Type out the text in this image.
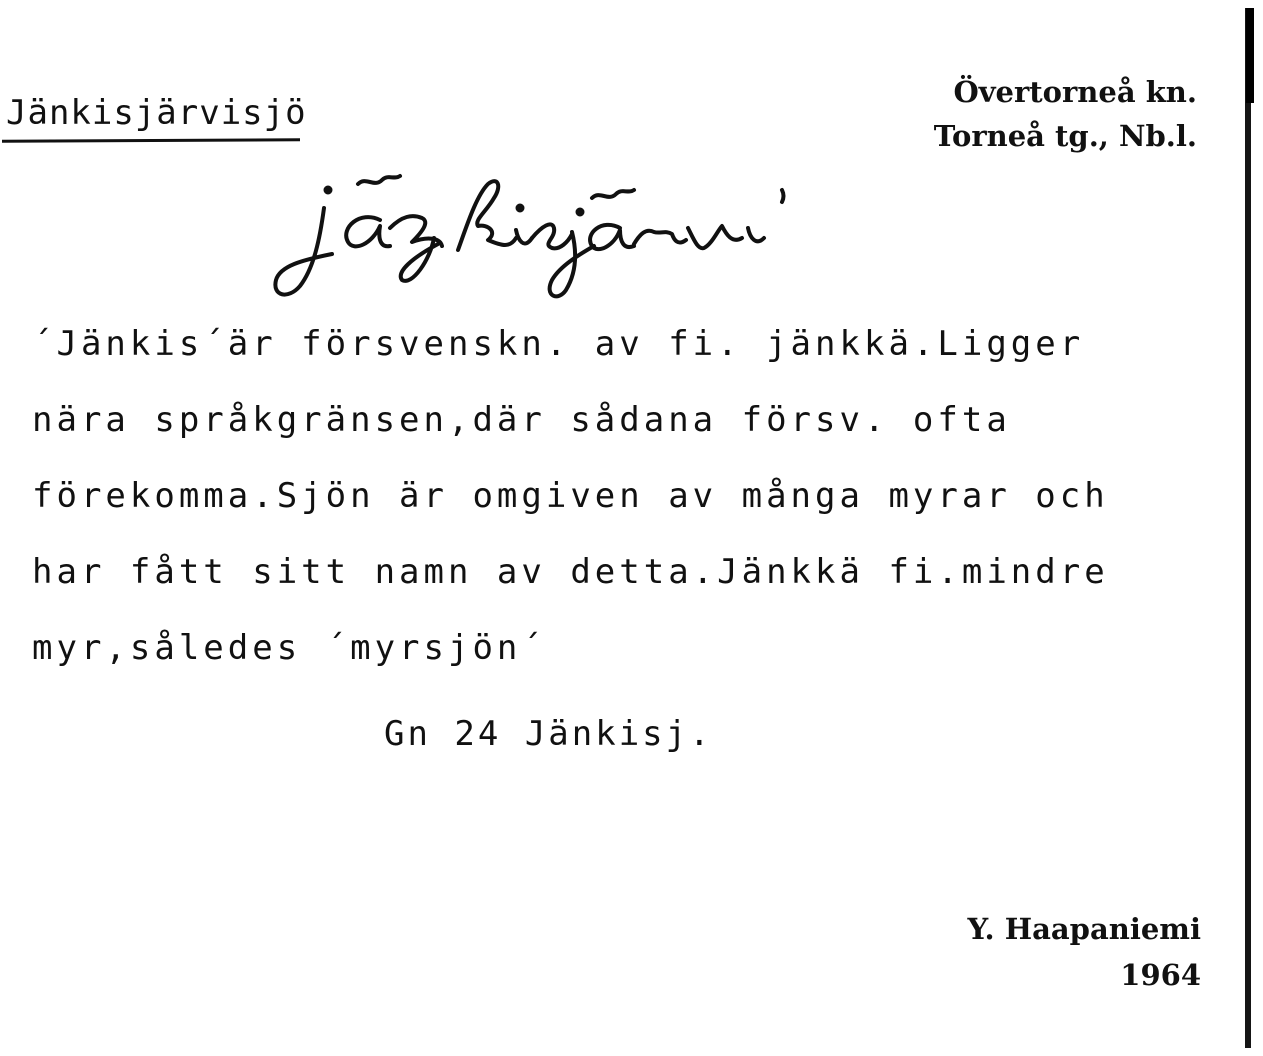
Jänkisjärvisjö
Övertorneå kn.
Torneå tg., Nb.l.
´Jänkis´är försvenskn. av fi. jänkkä.Ligger
nära språkgränsen,där sådana försv. ofta
förekomma.Sjön är omgiven av många myrar och
har fått sitt namn av detta.Jänkkä fi.mindre
myr,således ´myrsjön´
Gn 24 Jänkisj.
Y. Haapaniemi
1964
